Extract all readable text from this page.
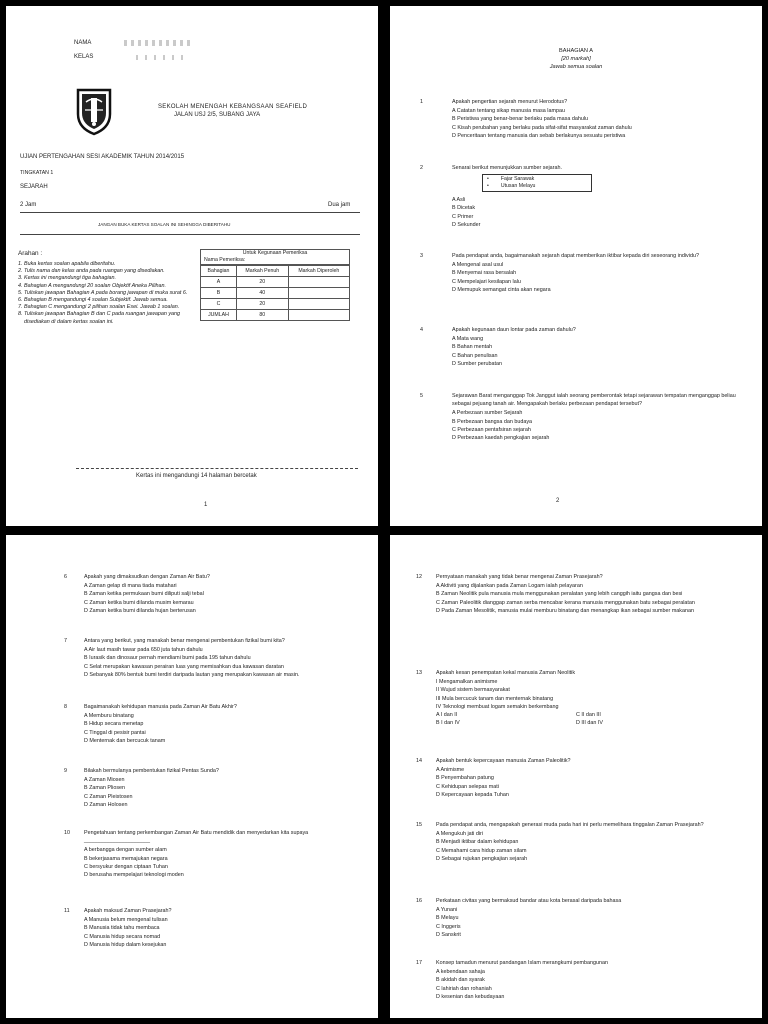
NAMA
KELAS
SEKOLAH MENENGAH KEBANGSAAN SEAFIELD
JALAN USJ 2/5, SUBANG JAYA
UJIAN PERTENGAHAN SESI AKADEMIK TAHUN 2014/2015
TINGKATAN 1
SEJARAH
2 Jam	Dua jam
JANGAN BUKA KERTAS SOALAN INI SEHINGGA DIBERITAHU
Arahan :
1. Buka kertas soalan apabila diberitahu.
2. Tulis nama dan kelas anda pada ruangan yang disediakan.
3. Kertas ini mengandungi tiga bahagian.
4. Bahagian A mengandungi 20 soalan Objektif Aneka Pilihan.
5. Tuliskan jawapan Bahagian A pada borang jawapan di muka surat 6.
6. Bahagian B mengandungi 4 soalan Subjektif. Jawab semua.
7. Bahagian C mengandungi 2 pilihan soalan Esei. Jawab 1 soalan.
8. Tuliskan jawapan Bahagian B dan C pada ruangan jawapan yang disediakan di dalam kertas soalan ini.
Untuk Kegunaan Pemeriksa
Nama Pemeriksa:
Bahagian	Markah Penuh	Markah Diperoleh
A	20	
B	40	
C	20	
JUMLAH	80	
Kertas ini mengandungi 14 halaman bercetak
1
BAHAGIAN A
[20 markah]
Jawab semua soalan
1	Apakah pengertian sejarah menurut Herodotus?
A Catatan tentang sikap manusia masa lampau
B Peristiwa yang benar-benar berlaku pada masa dahulu
C Kisah perubahan yang berlaku pada sifat-sifat masyarakat zaman dahulu
D Penceritaan tentang manusia dan sebab berlakunya sesuatu peristiwa
2	Senarai berikut menunjukkan sumber sejarah.
• Fajar Sarawak
• Utusan Melayu
A Asli
B Dicetak
C Primer
D Sekunder
3	Pada pendapat anda, bagaimanakah sejarah dapat memberikan iktibar kepada diri seseorang individu?
A Mengenal asal usul
B Menyemai rasa bersalah
C Mempelajari kesilapan lalu
D Memupuk semangat cinta akan negara
4	Apakah kegunaan daun lontar pada zaman dahulu?
A Mata wang
B Bahan mentah
C Bahan penulisan
D Sumber perubatan
5	Sejarawan Barat menganggap Tok Janggut ialah seorang pemberontak tetapi sejarawan tempatan menganggap beliau sebagai pejuang tanah air. Mengapakah berlaku perbezaan pendapat tersebut?
A Perbezaan sumber Sejarah
B Perbezaan bangsa dan budaya
C Perbezaan pentafsiran sejarah
D Perbezaan kaedah pengkajian sejarah
2
6	Apakah yang dimaksudkan dengan Zaman Air Batu?
A Zaman gelap di mana tiada matahari
B Zaman ketika permukaan bumi diliputi salji tebal
C Zaman ketika bumi dilanda musim kemarau
D Zaman ketika bumi dilanda hujan berterusan
7	Antara yang berikut, yang manakah benar mengenai pembentukan fizikal bumi kita?
A Air laut masih tawar pada 650 juta tahun dahulu
B Iurasik dan dinosaur pernah mendiami bumi pada 195 tahun dahulu
C Selat merupakan kawasan perairan luas yang memisahkan dua kawasan daratan
D Sebanyak 80% bentuk bumi terdiri daripada lautan yang merupakan kawasan air masin.
8	Bagaimanakah kehidupan manusia pada Zaman Air Batu Akhir?
A Memburu binatang
B Hidup secara menetap
C Tinggal di pesisir pantai
D Menternak dan bercucuk tanam
9	Bilakah bermulanya pembentukan fizikal Pentas Sunda?
A Zaman Miosen
B Zaman Pliosen
C Zaman Pleistosen
D Zaman Holosen
10	Pengetahuan tentang perkembangan Zaman Air Batu mendidik dan menyedarkan kita supaya ______________________
A berbangga dengan sumber alam
B bekerjasama memajukan negara
C bersyukur dengan ciptaan Tuhan
D berusaha mempelajari teknologi moden
11	Apakah maksud Zaman Prasejarah?
A Manusia belum mengenal tulisan
B Manusia tidak tahu membaca
C Manusia hidup secara nomad
D Manusia hidup dalam kesejukan
12	Pernyataan manakah yang tidak benar mengenai Zaman Prasejarah?
A Aktiviti yang dijalankan pada Zaman Logam ialah pelayaran
B Zaman Neolitik pula manusia mula menggunakan peralatan yang lebih canggih iaitu gangsa dan besi
C Zaman Paleolitik dianggap zaman serba mencabar kerana manusia menggunakan batu sebagai peralatan
D Pada Zaman Mesolitik, manusia mulai memburu binatang dan menangkap ikan sebagai sumber makanan
13	Apakah kesan penempatan kekal manusia Zaman Neolitik
I Mengamalkan animisme
II Wujud sistem bermasyarakat
III Mula bercucuk tanam dan menternak binatang
IV Teknologi membuat logam semakin berkembang
A I dan II	C II dan III
B I dan IV	D III dan IV
14	Apakah bentuk kepercayaan manusia Zaman Paleolitik?
A Animisme
B Penyembahan patung
C Kehidupan selepas mati
D Kepercayaan kepada Tuhan
15	Pada pendapat anda, mengapakah generasi muda pada hari ini perlu memelihara tinggalan Zaman Prasejarah?
A Mengukuh jati diri
B Menjadi iktibar dalam kehidupan
C Memahami cara hidup zaman silam
D Sebagai rujukan pengkajian sejarah
16	Perkataan civitas yang bermaksud bandar atau kota berasal daripada bahasa
A Yunani
B Melayu
C Inggeris
D Sanskrit
17	Konsep tamadun menurut pandangan Islam merangkumi pembangunan
A kebendaan sahaja
B akidah dan syarak
C lahiriah dan rohaniah
D kesenian dan kebudayaan
